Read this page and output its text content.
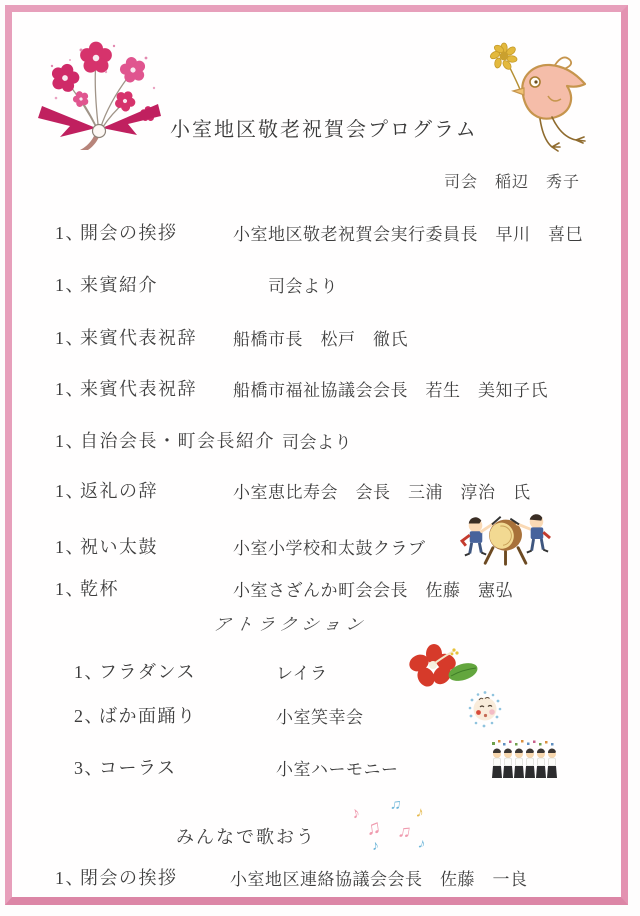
小室地区敬老祝賀会プログラム
司会　稲辺　秀子
1、
開会の挨拶	小室地区敬老祝賀会実行委員長　早川　喜巳
1、
来賓紹介	司会より
1、
来賓代表祝辞 船橋市長　松戸　徹氏
1、
来賓代表祝辞 船橋市福祉協議会会長　若生　美知子氏
1、
自治会長・町会長紹介 司会より
1、
返礼の辞	小室恵比寿会　会長　三浦　淳治　氏
1、
祝い太鼓	小室小学校和太鼓クラブ
1、
乾杯	小室さざんか町会会長　佐藤　憲弘
アトラクション
1、
フラダンス	レイラ
2、
ばか面踊り	小室笑幸会
3、
コーラス	小室ハーモニー
みんなで歌おう
♪ ♫ ♪
♫ ♫
♪	♪
1、
閉会の挨拶	小室地区連絡協議会会長　佐藤　一良
